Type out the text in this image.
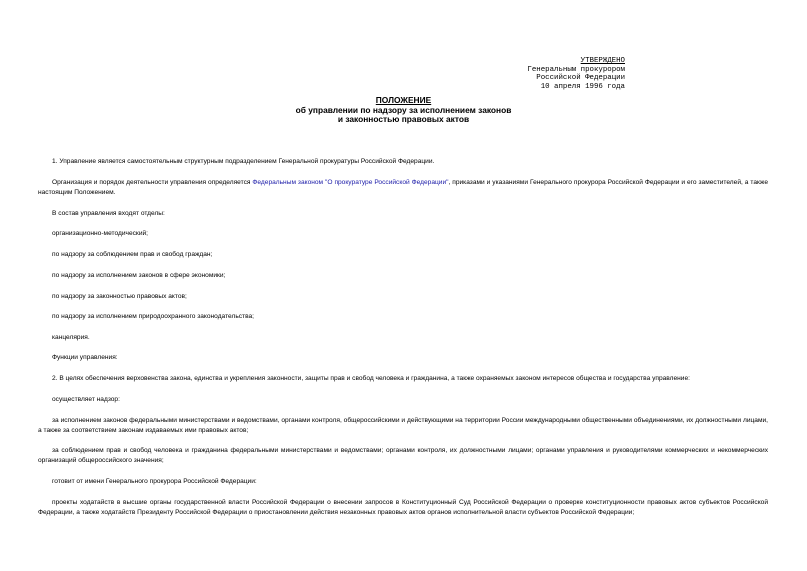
УТВЕРЖДЕНО
Генеральным прокурором
Российской Федерации
10 апреля 1996 года
ПОЛОЖЕНИЕ
об управлении по надзору за исполнением законов
и законностью правовых актов
1. Управление является самостоятельным структурным подразделением Генеральной прокуратуры Российской Федерации.
Организация и порядок деятельности управления определяется Федеральным законом "О прокуратуре Российской Федерации", приказами и указаниями Генерального прокурора Российской Федерации и его заместителей, а также настоящим Положением.
В состав управления входят отделы:
организационно-методический;
по надзору за соблюдением прав и свобод граждан;
по надзору за исполнением законов в сфере экономики;
по надзору за законностью правовых актов;
по надзору за исполнением природоохранного законодательства;
канцелярия.
Функции управления:
2. В целях обеспечения верховенства закона, единства и укрепления законности, защиты прав и свобод человека и гражданина, а также охраняемых законом интересов общества и государства управление:
осуществляет надзор:
за исполнением законов федеральными министерствами и ведомствами, органами контроля, общероссийскими и действующими на территории России международными общественными объединениями, их должностными лицами, а также за соответствием законам издаваемых ими правовых актов;
за соблюдением прав и свобод человека и гражданина федеральными министерствами и ведомствами; органами контроля, их должностными лицами; органами управления и руководителями коммерческих и некоммерческих организаций общероссийского значения;
готовит от имени Генерального прокурора Российской Федерации:
проекты ходатайств в высшие органы государственной власти Российской Федерации о внесении запросов в Конституционный Суд Российской Федерации о проверке конституционности правовых актов субъектов Российской Федерации, а также ходатайств Президенту Российской Федерации о приостановлении действия незаконных правовых актов органов исполнительной власти субъектов Российской Федерации;
